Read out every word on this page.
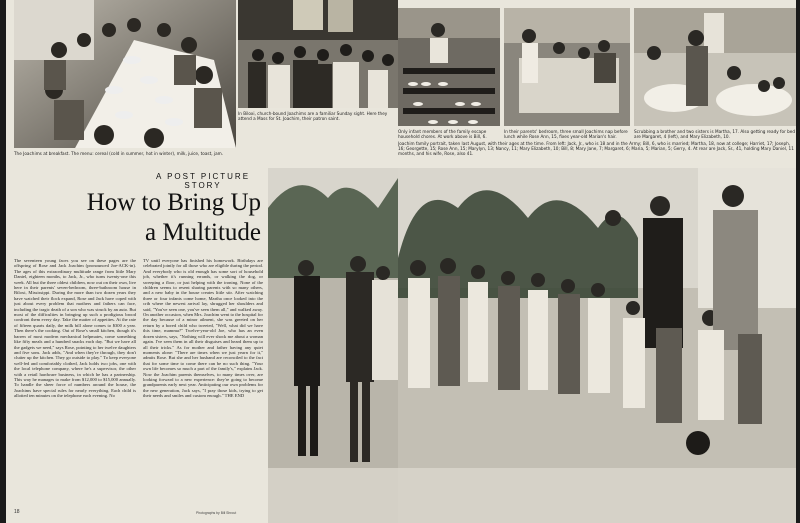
The Joachims at breakfast. The menu: cereal (cold in summer, hot in winter), milk, juice, toast, jam.
In Biloxi, church-bound Joachims are a familiar Sunday sight. Here they attend a Mass for St. Joachim, their patron saint.
A POST PICTURE STORY
How to Bring Up
a Multitude
The seventeen young faces you see on these pages are the offspring of Rose and Jack Joachim (pronounced Joe-ACK-in). The ages of this extraordinary multitude range from little Mary Daniel, eighteen months, to Jack, Jr., who turns twenty-one this week. All but the three oldest children, now out on their own, live here in their parents' seven-bedroom, three-bathroom house in Biloxi, Mississippi. During the more than two dozen years they have watched their flock expand, Rose and Jack have coped with just about every problem that mothers and fathers can face, including the tragic death of a son who was struck by an auto. But most of the difficulties in bringing up such a prodigious brood confront them every day. Take the matter of appetites. At the rate of fifteen quarts daily, the milk bill alone comes to $300 a year. Then there's the cooking. Out of Rose's small kitchen, though it's barren of most modern mechanical helpmates, come something like fifty meals and a hundred snacks each day. "But we have all the gadgets we need," says Rose, pointing to her twelve daughters and five sons. Jack adds, "And when they're through, they don't clutter up the kitchen. They go outside to play." To keep everyone well-fed and comfortably clothed, Jack holds two jobs, one with the local telephone company, where he's a supervisor, the other with a retail hardware business, in which he has a partnership. This way he manages to make from $12,000 to $15,000 annually. To handle the sheer force of numbers around the house, the Joachims have special rules for nearly everything. Each child is allotted ten minutes on the telephone each evening. No
TV until everyone has finished his homework. Birthdays are celebrated jointly for all those who are eligible during the period. And everybody who is old enough has some sort of household job, whether it's running errands, or walking the dog, or sweeping a floor, or just helping with the ironing. None of the children seems to resent sharing parents with so many others, and a new baby in the house creates little stir. After watching three or four infants come home, Martha once looked into the crib where the newest arrival lay, shrugged her shoulders and said, "You've seen one, you've seen them all," and walked away. On another occasion, when Mrs. Joachim went to the hospital for the day because of a minor ailment, she was greeted on her return by a bored child who tweeted, "Well, what did we have this time, mamma?" Twelve-year-old Joe, who has an even dozen sisters, says, "Nothing will ever shock me about a woman again. I've seen them in all their disguises and heard them up to all their tricks." As for mother and father having any quiet moments alone: "There are times when we just yearn for it," admits Rose. But she and her husband are reconciled to the fact that for some time to come there can be no such thing. "Your own life becomes so much a part of the family's," explains Jack. Now the Joachim parents themselves, to many times over, are looking forward to a new experience: they're going to become grandparents early next year. Anticipating our own problems for the new generation, Jack says, "I pray those kids, trying to get their needs and smiles and custom enough." THE END
18	Photographs by Bill Shrout
Only infant members of the family escape household chores. At work above is Bill, 6.
In their parents' bedroom, three small Joachims nap before lunch while Rose Ann, 15, fixes year-old Marian's hair.
Scrubbing a brother and two sisters is Martha, 17. Also getting ready for bed are Margaret, 4 (left), and Mary Elizabeth, 10.
Joachim family portrait, taken last August, with their ages at the time. From left: Jack, Jr., who is 18 and in the Army; Bill, 6, who is married; Martha, 18, now at college; Harriet, 17; Joseph, 16; Georgette, 15; Rose Ann, 15; Marylyn, 13; Nancy, 11; Mary Elizabeth, 10; Bill, 8; Mary Jane, 7; Margaret, 6; Maria, 5; Marian, 5; Gerry, 4. At rear are Jack, Sr., 41, holding Mary Daniel, 11 months, and his wife, Rose, also 41.
